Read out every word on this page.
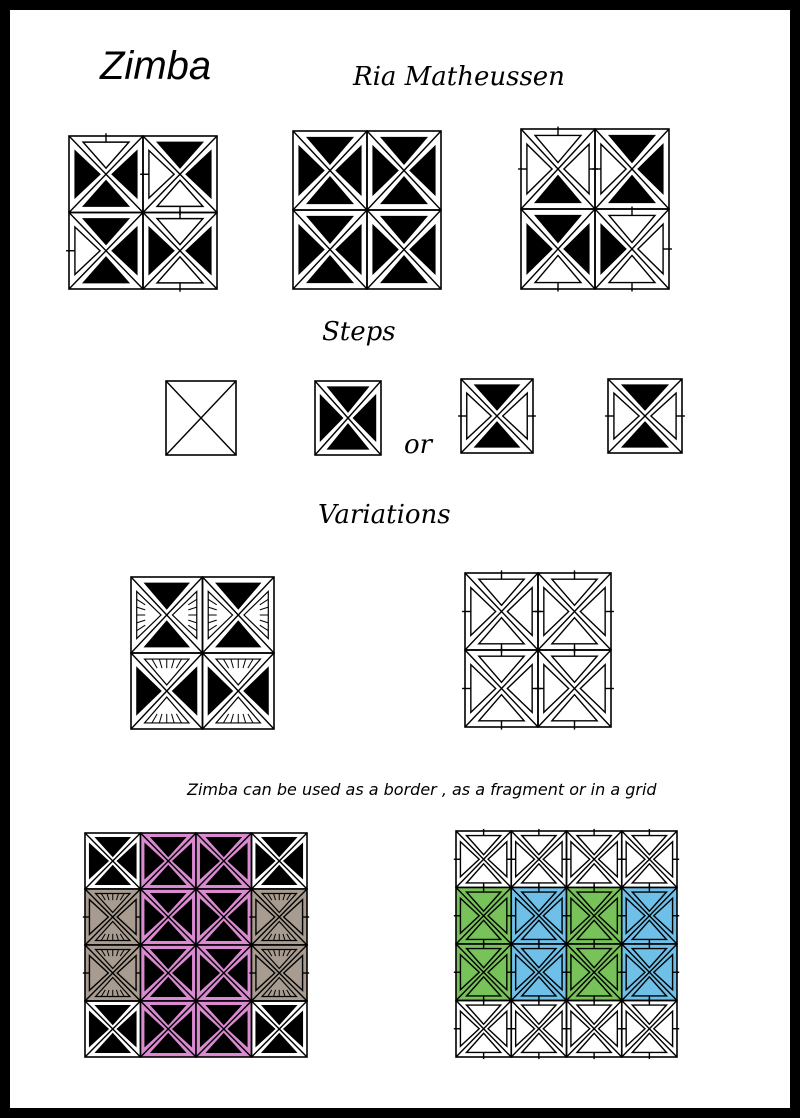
Zimba	Ria Matheussen
Steps
or
Variations
Zimba can be used as a border , as a fragment or in a grid
